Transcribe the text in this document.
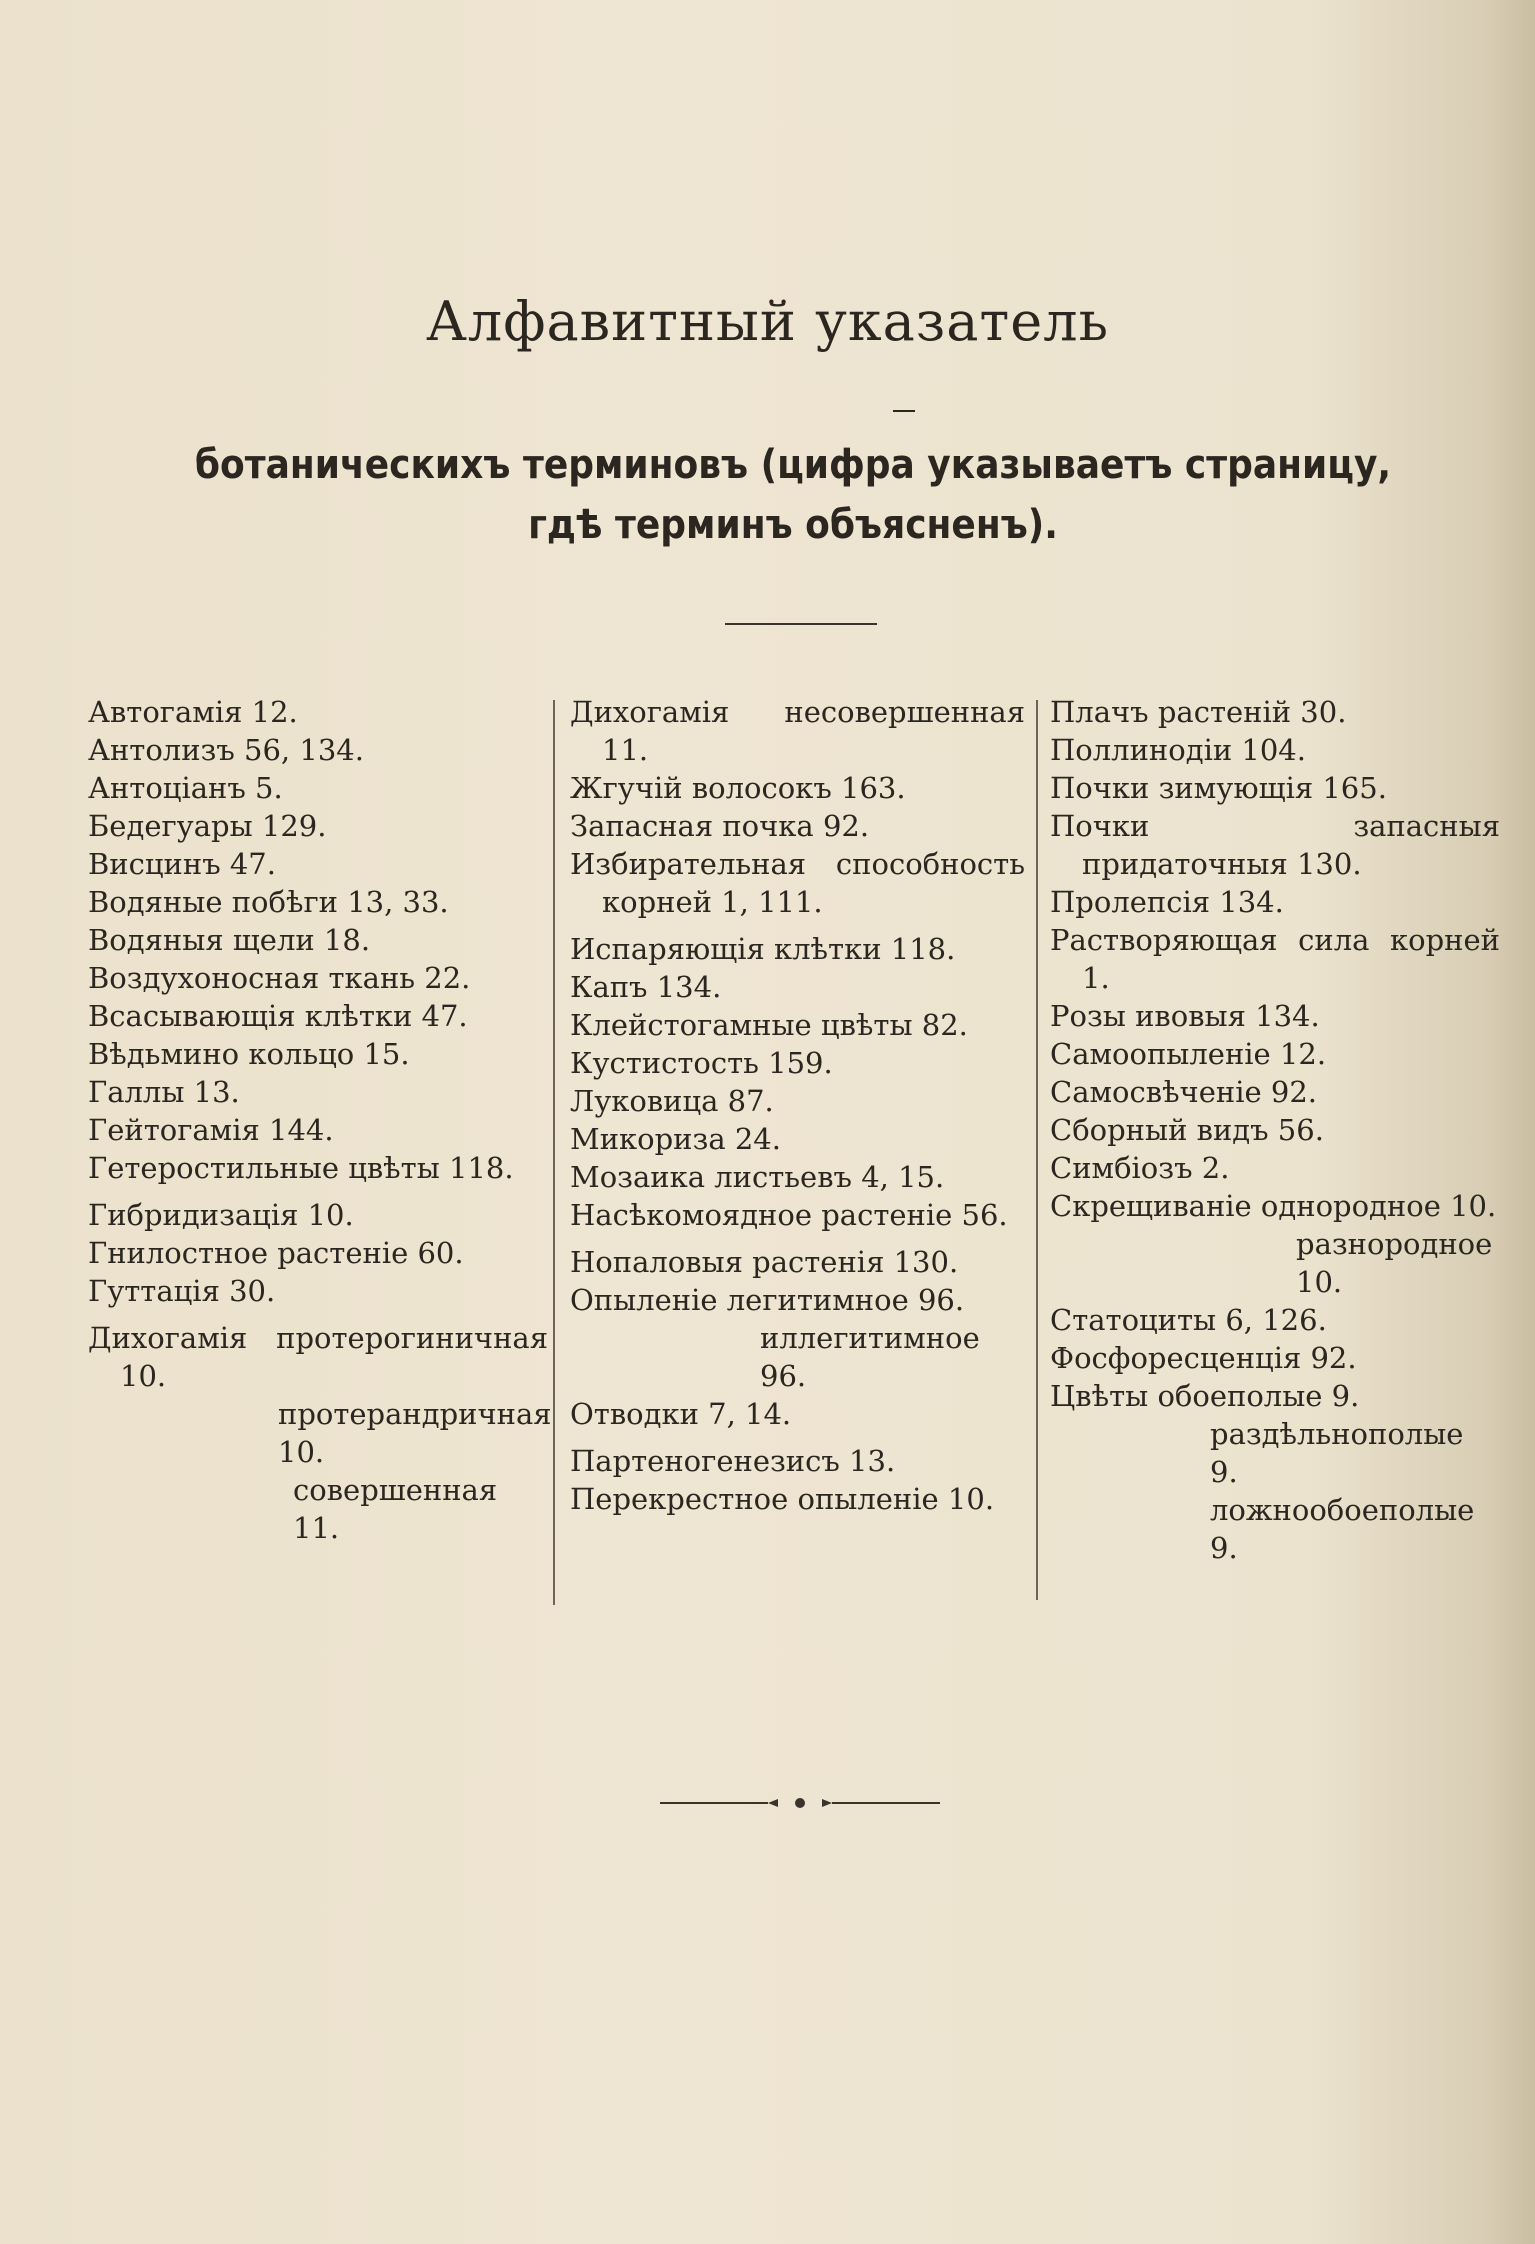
Алфавитный указатель
ботаническихъ терминовъ (цифра указываетъ страницу, гдѣ терминъ объясненъ).

Автогамія 12.

Антолизъ 56, 134.

Антоціанъ 5.

Бедегуары 129.

Висцинъ 47.

Водяные побѣги 13, 33.

Водяныя щели 18.

Воздухоносная ткань 22.

Всасывающія клѣтки 47.

Вѣдьмино кольцо 15.

Галлы 13.

Гейтогамія 144.

Гетеростильные цвѣты 118.

Гибридизація 10.

Гнилостное растеніе 60.

Гуттація 30.

Дихогамія протерогиничная 10.

протерандричная 10.

совершенная 11.

Дихогамія несовершенная 11.

Жгучій волосокъ 163.

Запасная почка 92.

Избирательная способность корней 1, 111.

Испаряющія клѣтки 118.

Капъ 134.

Клейстогамные цвѣты 82.

Кустистость 159.

Луковица 87.

Микориза 24.

Мозаика листьевъ 4, 15.

Насѣкомоядное растеніе 56.

Нопаловыя растенія 130.

Опыленіе легитимное 96.

иллегитимное 96.

Отводки 7, 14.

Партеногенезисъ 13.

Перекрестное опыленіе 10.

Плачъ растеній 30.

Поллинодіи 104.

Почки зимующія 165.

Почки запасныя придаточныя 130.

Пролепсія 134.

Растворяющая сила корней 1.

Розы ивовыя 134.

Самоопыленіе 12.

Самосвѣченіе 92.

Сборный видъ 56.

Симбіозъ 2.

Скрещиваніе однородное 10.

разнородное 10.

Статоциты 6, 126.

Фосфоресценція 92.

Цвѣты обоеполые 9.

раздѣльнополые 9.

ложнообоеполые 9.
